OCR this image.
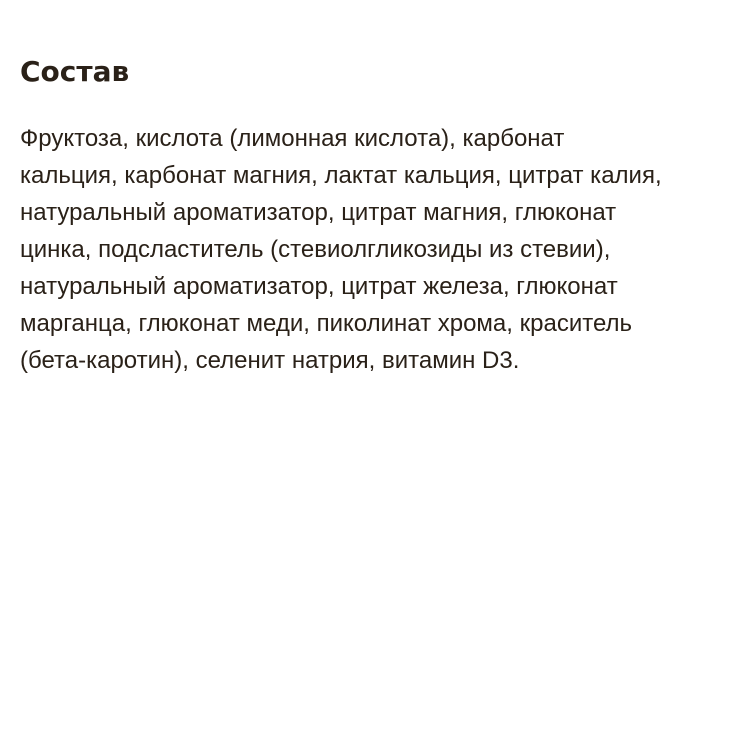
Состав
Фруктоза, кислота (лимонная кислота), карбонат
кальция, карбонат магния, лактат кальция, цитрат калия,
натуральный ароматизатор, цитрат магния, глюконат
цинка, подсластитель (стевиолгликозиды из стевии),
натуральный ароматизатор, цитрат железа, глюконат
марганца, глюконат меди, пиколинат хрома, краситель
(бета-каротин), селенит натрия, витамин D3.
